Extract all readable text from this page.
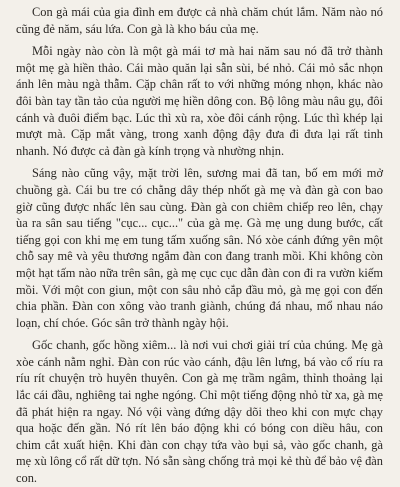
Con gà mái của gia đình em được cả nhà chăm chút lắm. Năm nào nó cũng đẻ năm, sáu lứa. Con gà là kho báu của mẹ.

Mỗi ngày nào còn là một gà mái tơ mà hai năm sau nó đã trở thành một mẹ gà hiền thảo. Cái mào quăn lại sẫn sùi, bé nhỏ. Cái mỏ sắc nhọn ánh lên màu ngà thẫm. Cặp chân rất to với những móng nhọn, khác nào đôi bàn tay tần tảo của người mẹ hiền dông con. Bộ lông màu nâu gụ, đôi cánh và đuôi điểm bạc. Lúc thì xù ra, xòe đôi cánh rộng. Lúc thì khép lại mượt mà. Cặp mắt vàng, trong xanh động đậy đưa đi đưa lại rất tinh nhanh. Nó được cả đàn gà kính trọng và nhường nhịn.

Sáng nào cũng vậy, mặt trời lên, sương mai đã tan, bố em mới mở chuồng gà. Cái bu tre có chằng dây thép nhốt gà mẹ và đàn gà con bao giờ cũng được nhấc lên sau cùng. Đàn gà con chiêm chiếp reo lên, chạy ùa ra sân sau tiếng "cục... cục..." của gà mẹ. Gà mẹ ung dung bước, cất tiếng gọi con khi mẹ em tung tấm xuống sân. Nó xòe cánh đứng yên một chỗ say mê và yêu thương ngắm đàn con đang tranh mồi. Khi không còn một hạt tấm nào nữa trên sân, gà mẹ cục cục dẫn đàn con đi ra vườn kiếm mồi. Với một con giun, một con sâu nhỏ cắp đầu mỏ, gà mẹ gọi con đến chia phần. Đàn con xông vào tranh giành, chúng đá nhau, mổ nhau náo loạn, chí chóe. Góc sân trở thành ngày hội.

Gốc chanh, gốc hồng xiêm... là nơi vui chơi giải trí của chúng. Mẹ gà xòe cánh nằm nghỉ. Đàn con rúc vào cánh, đậu lên lưng, bá vào cổ ríu ra ríu rít chuyện trò huyên thuyên. Con gà mẹ trầm ngâm, thỉnh thoảng lại lắc cái đầu, nghiêng tai nghe ngóng. Chỉ một tiếng động nhỏ từ xa, gà mẹ đã phát hiện ra ngay. Nó vội vàng đứng dậy dõi theo khi con mực chạy qua hoặc đến gần. Nó rít lên báo động khi có bóng con diều hâu, con chim cắt xuất hiện. Khi đàn con chạy tứa vào bụi sả, vào gốc chanh, gà mẹ xù lông cổ rất dữ tợn. Nó sẵn sàng chống trả mọi kẻ thù để bảo vệ đàn con.
